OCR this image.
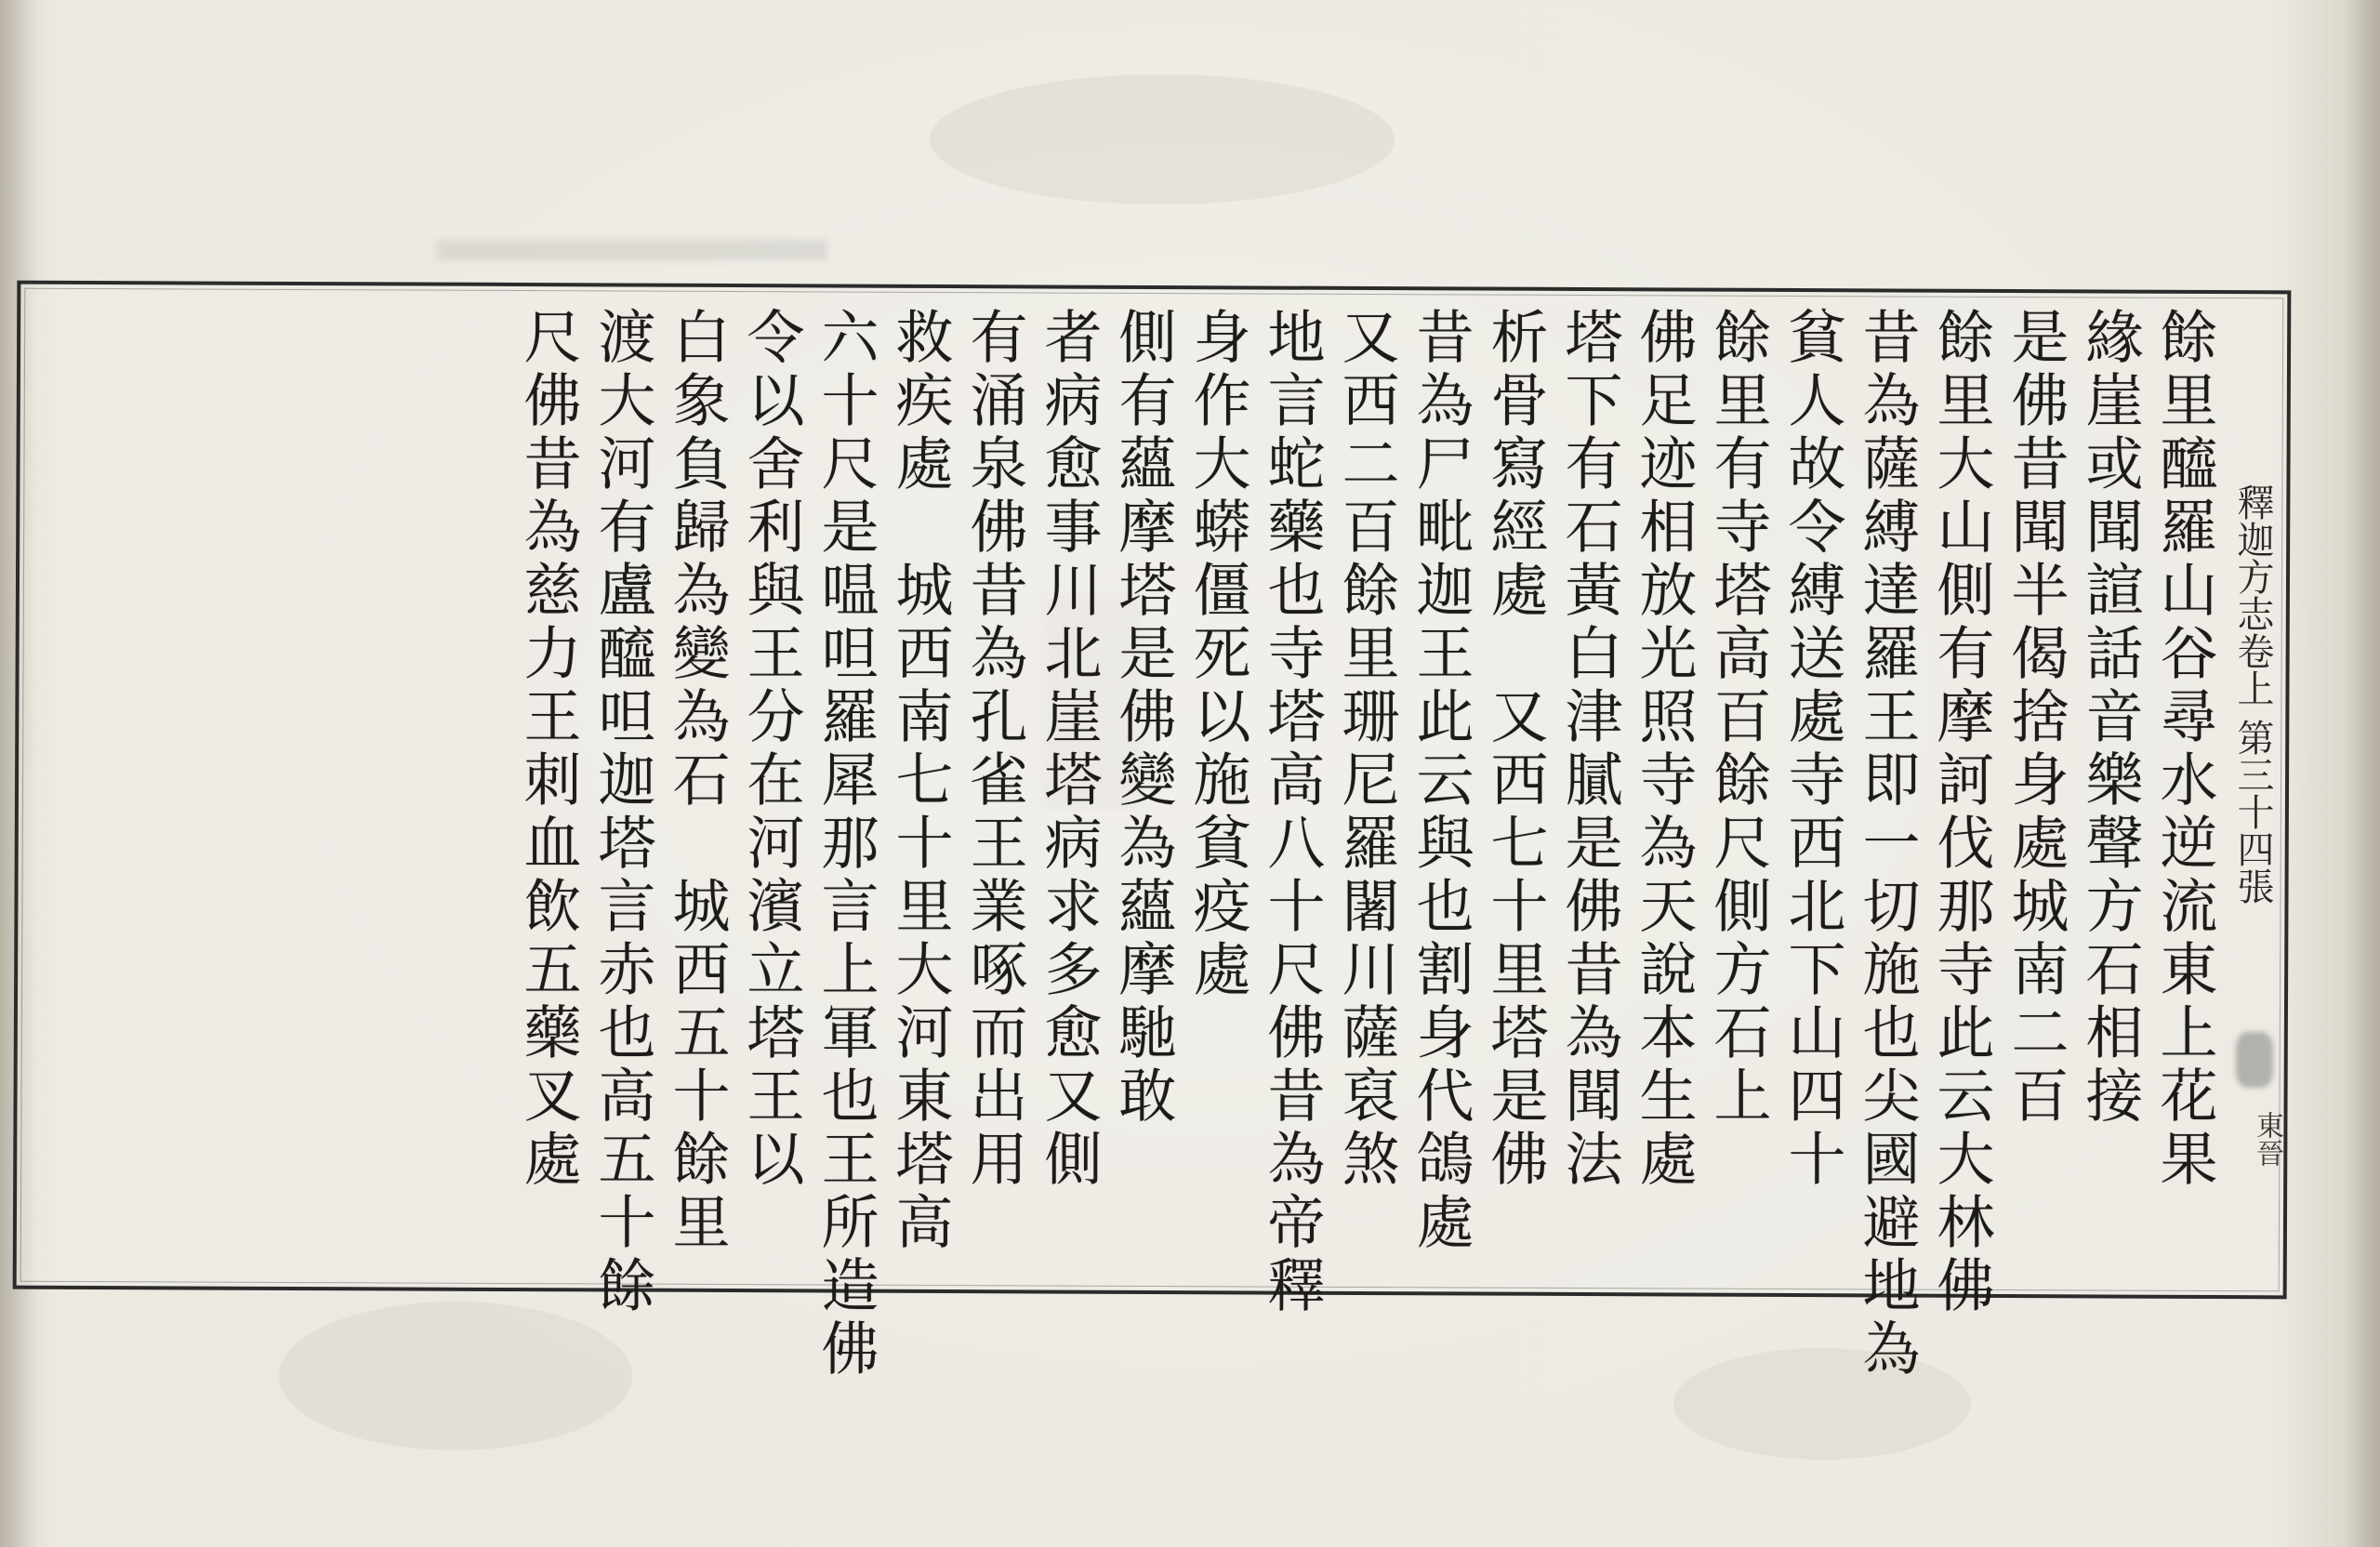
餘里醯羅山谷尋水逆流東上花果
緣崖或聞諠話音樂聲方石相接
是佛昔聞半偈捨身處城南二百
餘里大山側有摩訶伐那寺此云大林佛
昔為薩縛達羅王即一切施也尖國避地為
貧人故令縛送處寺西北下山四十
餘里有寺塔高百餘尺側方石上
佛足迹相放光照寺為天說本生處
塔下有石黃白津膩是佛昔為聞法
析骨寫經處　又西七十里塔是佛
昔為尸毗迦王此云與也割身代鴿處
又西二百餘里珊尼羅闍川薩裒煞
地言蛇藥也寺塔高八十尺佛昔為帝釋
身作大蟒僵死以施貧疫處
側有蘊摩塔是佛變為蘊摩馳敢
者病愈事川北崖塔病求多愈又側
有涌泉佛昔為孔雀王業啄而出用
救疾處　城西南七十里大河東塔高
六十尺是嗢呾羅犀那言上軍也王所造佛
令以舍利與王分在河濱立塔王以
白象負歸為變為石　城西五十餘里
渡大河有盧醯呾迦塔言赤也高五十餘
尺佛昔為慈力王刺血飲五藥叉處	釋迦方志卷上 第三十四張
東晉
